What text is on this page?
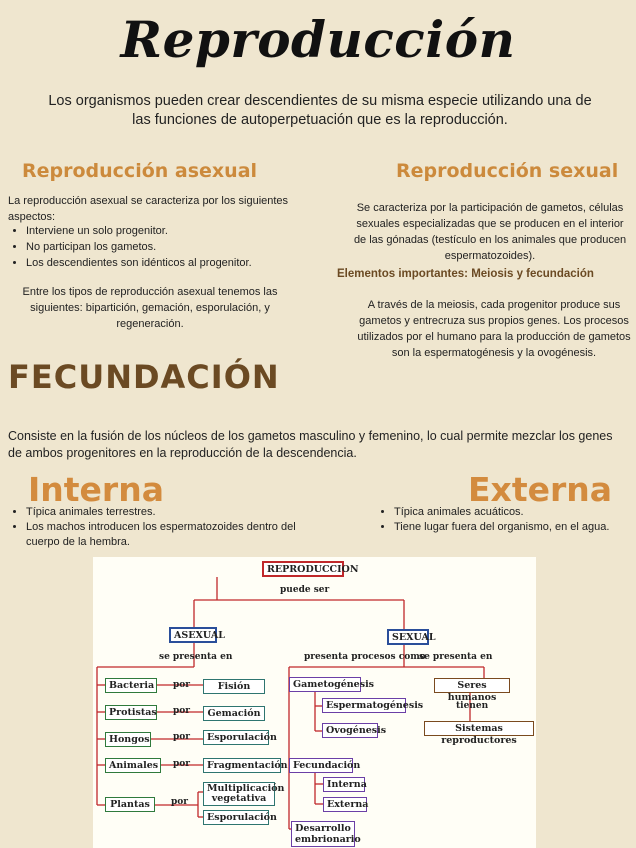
Reproducción
Los organismos pueden crear descendientes de su misma especie utilizando una de las funciones de autoperpetuación que es la reproducción.
Reproducción asexual
La reproducción asexual se caracteriza por los siguientes aspectos:
• Interviene un solo progenitor.
• No participan los gametos.
• Los descendientes son idénticos al progenitor.
Entre los tipos de reproducción asexual tenemos las siguientes: bipartición, gemación, esporulación, y regeneración.
Reproducción sexual
Se caracteriza por la participación de gametos, células sexuales especializadas que se producen en el interior de las gónadas (testículo en los animales que producen espermatozoides).
Elementos importantes: Meiosis y fecundación
A través de la meiosis, cada progenitor produce sus gametos y entrecruza sus propios genes. Los procesos utilizados por el humano para la producción de gametos son la espermatogénesis y la ovogénesis.
FECUNDACIÓN
Consiste en la fusión de los núcleos de los gametos masculino y femenino, lo cual permite mezclar los genes de ambos progenitores en la reproducción de la descendencia.
Interna
• Típica animales terrestres.
• Los machos introducen los espermatozoides dentro del cuerpo de la hembra.
Externa
• Típica animales acuáticos.
• Tiene lugar fuera del organismo, en el agua.
REPRODUCCION
puede ser
ASEXUAL	SEXUAL
se presenta en	presenta procesos como
se presenta en
Bacteria	por	Fisión
Protistas por	Gemación
Hongos	por	Esporulación
Animales	por	Fragmentación
Plantas	por
Multiplicación vegetativa
Esporulación
Gametogénesis
Espermatogénesis
Ovogénesis
Fecundación
Interna
Externa
Desarrollo embrionario
Seres humanos
tienen
Sistemas reproductores
